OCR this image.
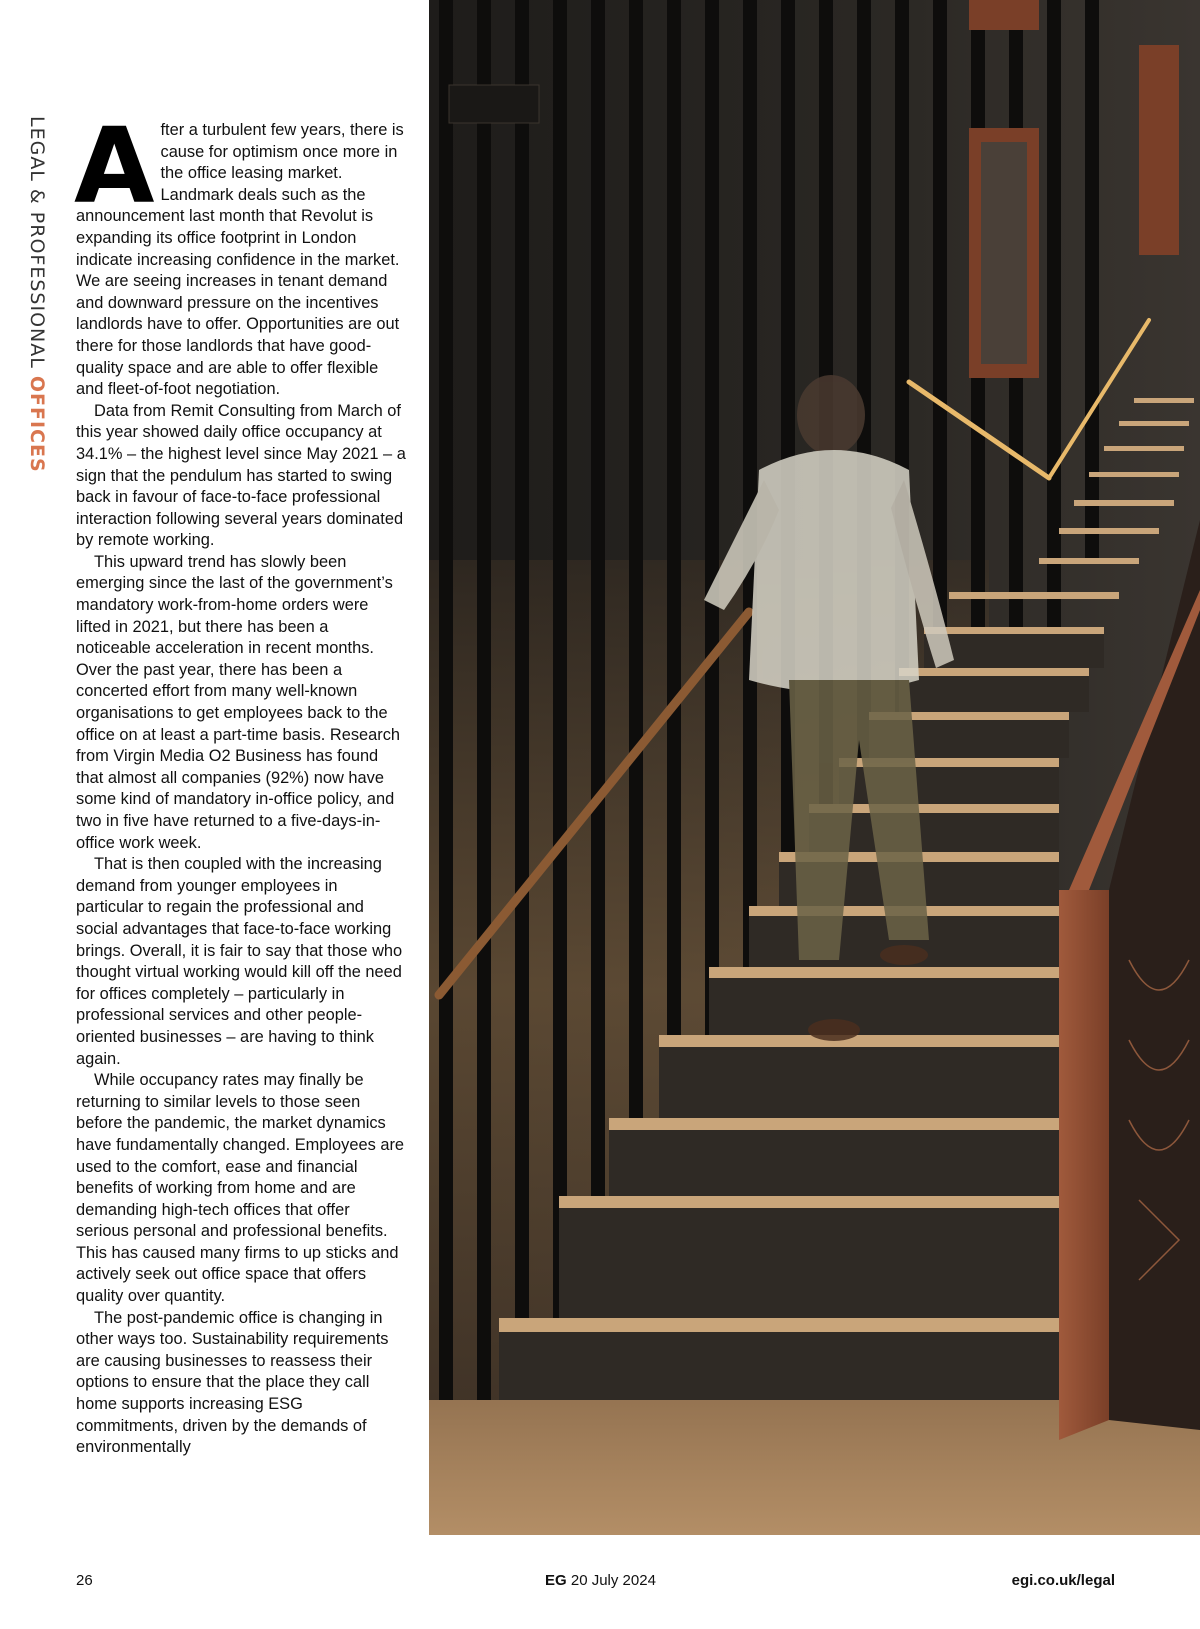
LEGAL & PROFESSIONAL OFFICES

After a turbulent few years, there is cause for optimism once more in the office leasing market. Landmark deals such as the announcement last month that Revolut is expanding its office footprint in London indicate increasing confidence in the market. We are seeing increases in tenant demand and downward pressure on the incentives landlords have to offer. Opportunities are out there for those landlords that have good-quality space and are able to offer flexible and fleet-of-foot negotiation.

Data from Remit Consulting from March of this year showed daily office occupancy at 34.1% – the highest level since May 2021 – a sign that the pendulum has started to swing back in favour of face-to-face professional interaction following several years dominated by remote working.

This upward trend has slowly been emerging since the last of the government’s mandatory work-from-home orders were lifted in 2021, but there has been a noticeable acceleration in recent months. Over the past year, there has been a concerted effort from many well-known organisations to get employees back to the office on at least a part-time basis. Research from Virgin Media O2 Business has found that almost all companies (92%) now have some kind of mandatory in-office policy, and two in five have returned to a five-days-in-office work week.

That is then coupled with the increasing demand from younger employees in particular to regain the professional and social advantages that face-to-face working brings. Overall, it is fair to say that those who thought virtual working would kill off the need for offices completely – particularly in professional services and other people-oriented businesses – are having to think again.

While occupancy rates may finally be returning to similar levels to those seen before the pandemic, the market dynamics have fundamentally changed. Employees are used to the comfort, ease and financial benefits of working from home and are demanding high-tech offices that offer serious personal and professional benefits. This has caused many firms to up sticks and actively seek out office space that offers quality over quantity.

The post-pandemic office is changing in other ways too. Sustainability requirements are causing businesses to reassess their options to ensure that the place they call home supports increasing ESG commitments, driven by the demands of environmentally

26	EG 20 July 2024	egi.co.uk/legal
